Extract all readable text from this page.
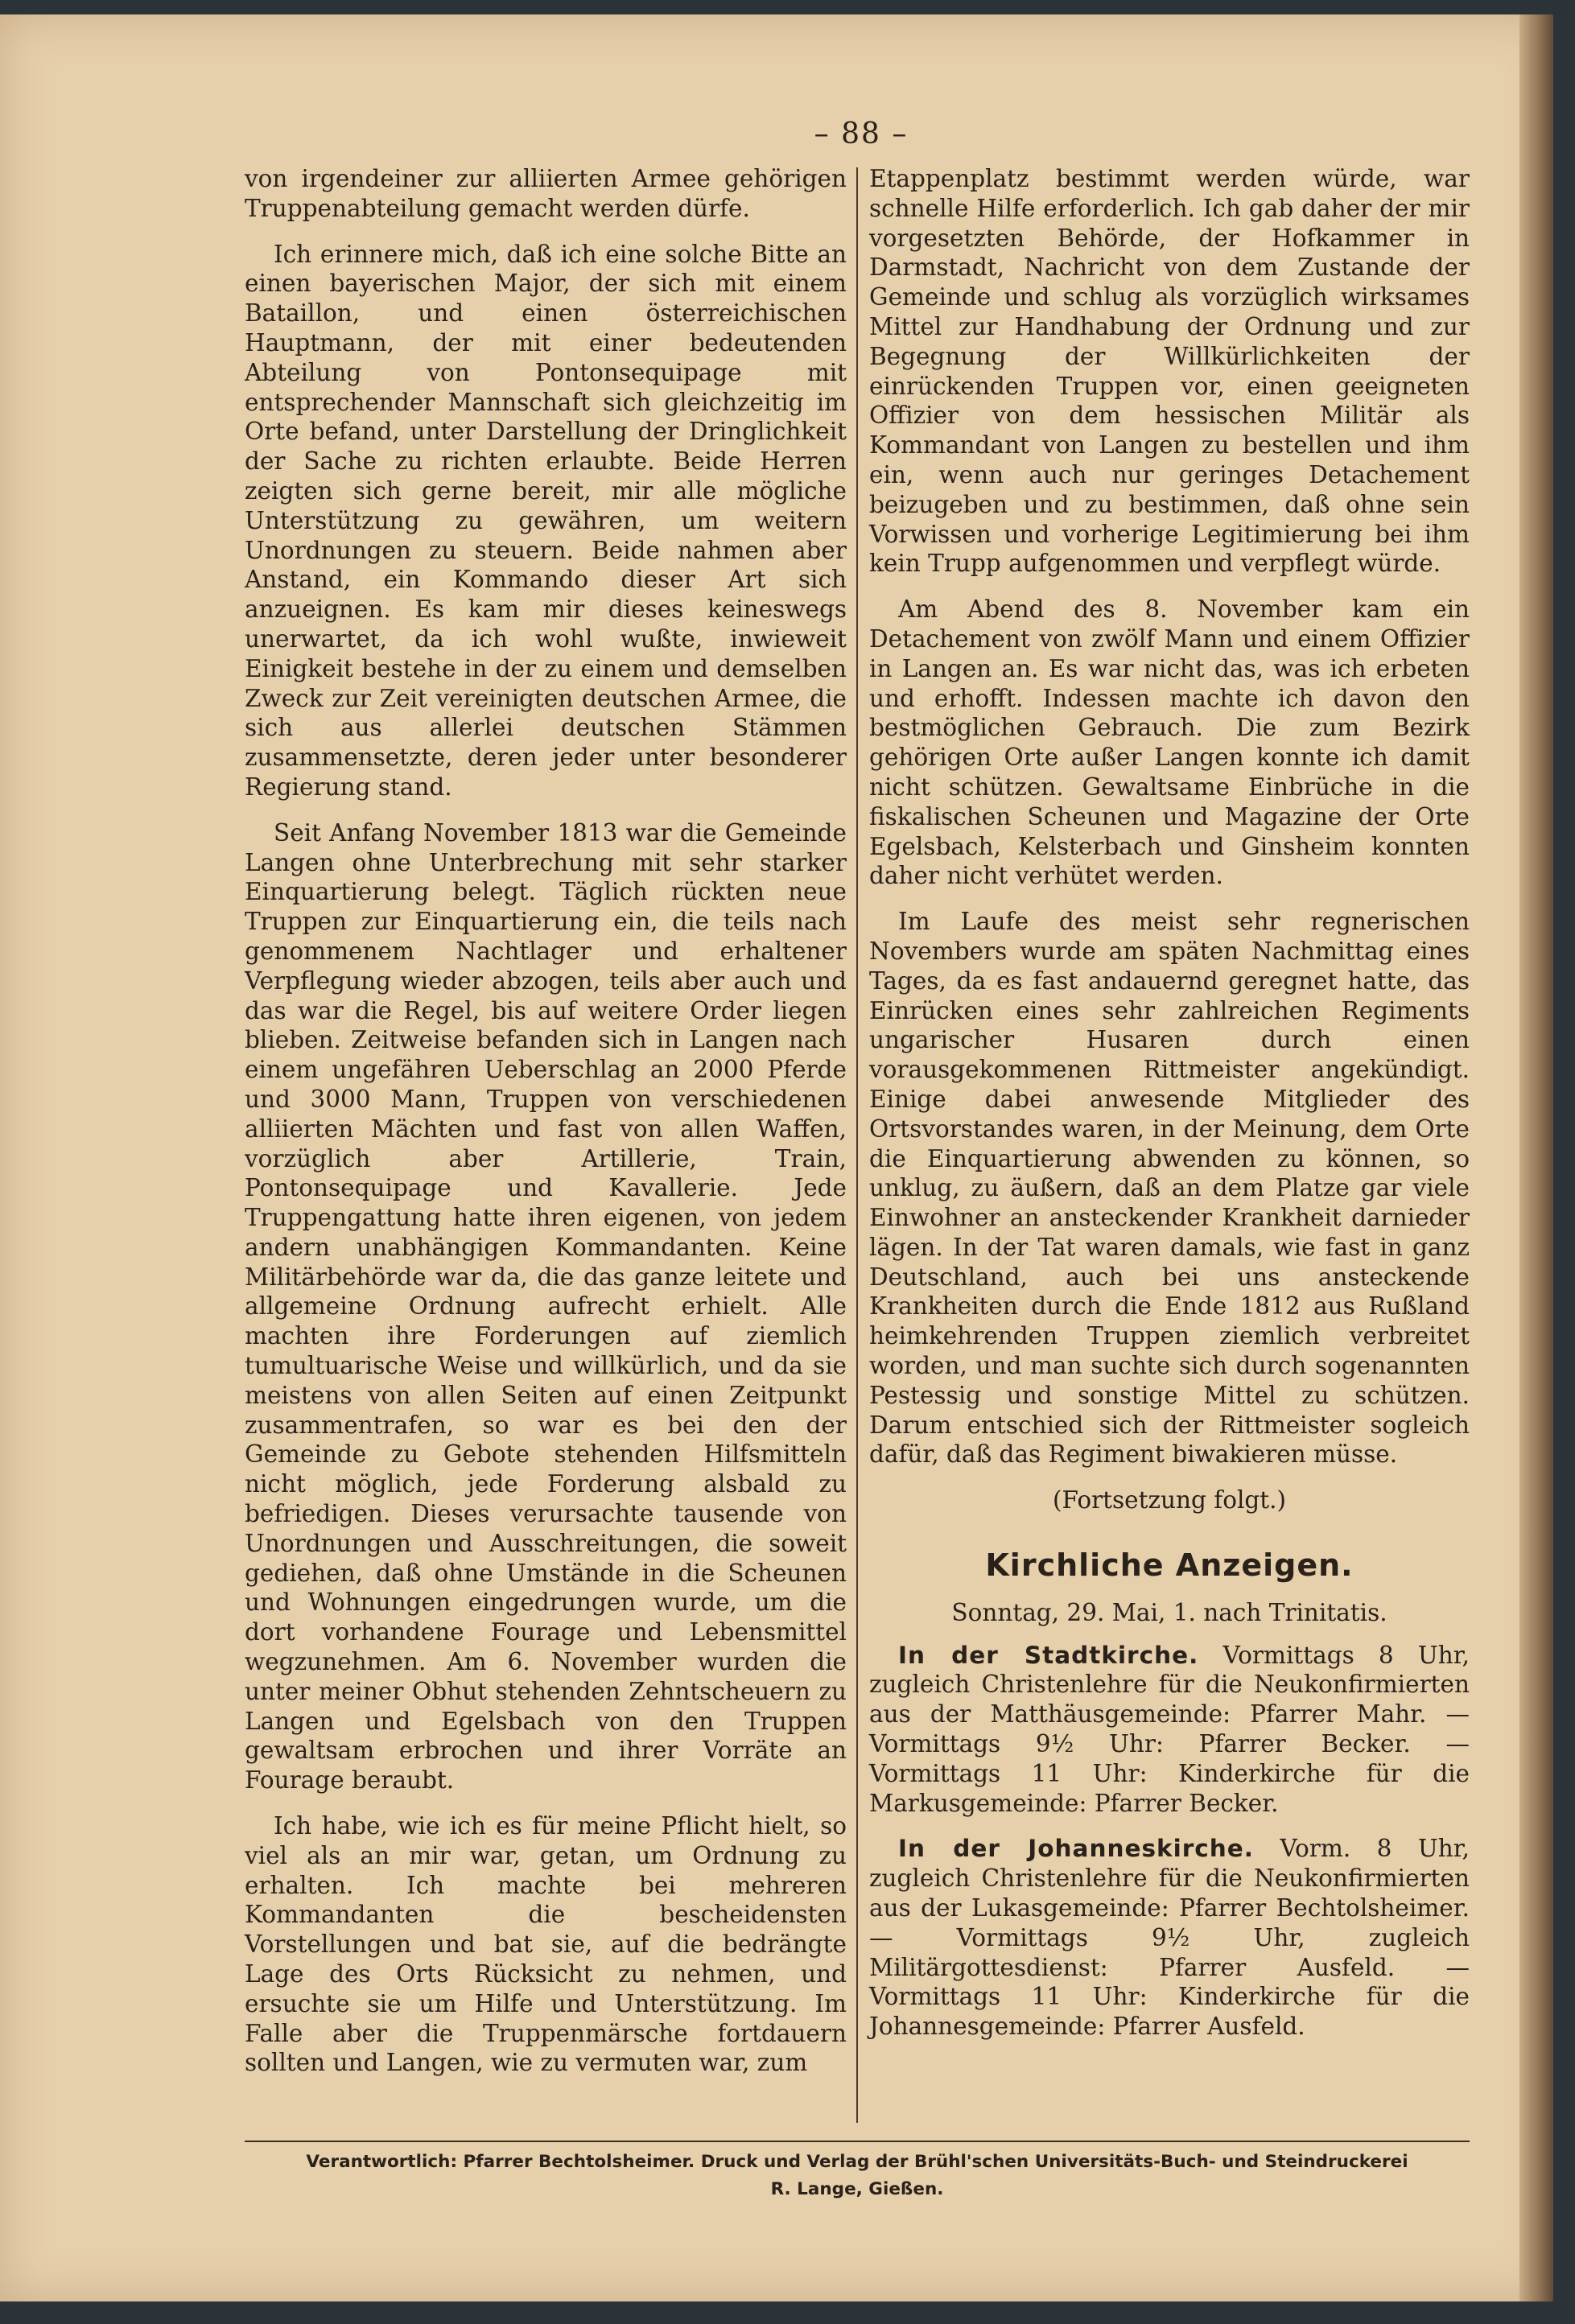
– 88 –

von irgendeiner zur alliierten Armee gehörigen Truppenabteilung gemacht werden dürfe.

Ich erinnere mich, daß ich eine solche Bitte an einen bayerischen Major, der sich mit einem Bataillon, und einen österreichischen Hauptmann, der mit einer bedeutenden Abteilung von Pontonsequipage mit entsprechender Mannschaft sich gleichzeitig im Orte befand, unter Darstellung der Dringlichkeit der Sache zu richten erlaubte. Beide Herren zeigten sich gerne bereit, mir alle mögliche Unterstützung zu gewähren, um weitern Unordnungen zu steuern. Beide nahmen aber Anstand, ein Kommando dieser Art sich anzueignen. Es kam mir dieses keineswegs unerwartet, da ich wohl wußte, inwieweit Einigkeit bestehe in der zu einem und demselben Zweck zur Zeit vereinigten deutschen Armee, die sich aus allerlei deutschen Stämmen zusammensetzte, deren jeder unter besonderer Regierung stand.

Seit Anfang November 1813 war die Gemeinde Langen ohne Unterbrechung mit sehr starker Einquartierung belegt. Täglich rückten neue Truppen zur Einquartierung ein, die teils nach genommenem Nachtlager und erhaltener Verpflegung wieder abzogen, teils aber auch und das war die Regel, bis auf weitere Order liegen blieben. Zeitweise befanden sich in Langen nach einem ungefähren Ueberschlag an 2000 Pferde und 3000 Mann, Truppen von verschiedenen alliierten Mächten und fast von allen Waffen, vorzüglich aber Artillerie, Train, Pontonsequipage und Kavallerie. Jede Truppengattung hatte ihren eigenen, von jedem andern unabhängigen Kommandanten. Keine Militärbehörde war da, die das ganze leitete und allgemeine Ordnung aufrecht erhielt. Alle machten ihre Forderungen auf ziemlich tumultuarische Weise und willkürlich, und da sie meistens von allen Seiten auf einen Zeitpunkt zusammentrafen, so war es bei den der Gemeinde zu Gebote stehenden Hilfsmitteln nicht möglich, jede Forderung alsbald zu befriedigen. Dieses verursachte tausende von Unordnungen und Ausschreitungen, die soweit gediehen, daß ohne Umstände in die Scheunen und Wohnungen eingedrungen wurde, um die dort vorhandene Fourage und Lebensmittel wegzunehmen. Am 6. November wurden die unter meiner Obhut stehenden Zehntscheuern zu Langen und Egelsbach von den Truppen gewaltsam erbrochen und ihrer Vorräte an Fourage beraubt.

Ich habe, wie ich es für meine Pflicht hielt, so viel als an mir war, getan, um Ordnung zu erhalten. Ich machte bei mehreren Kommandanten die bescheidensten Vorstellungen und bat sie, auf die bedrängte Lage des Orts Rücksicht zu nehmen, und ersuchte sie um Hilfe und Unterstützung. Im Falle aber die Truppenmärsche fortdauern sollten und Langen, wie zu vermuten war, zum

Etappenplatz bestimmt werden würde, war schnelle Hilfe erforderlich. Ich gab daher der mir vorgesetzten Behörde, der Hofkammer in Darmstadt, Nachricht von dem Zustande der Gemeinde und schlug als vorzüglich wirksames Mittel zur Handhabung der Ordnung und zur Begegnung der Willkürlichkeiten der einrückenden Truppen vor, einen geeigneten Offizier von dem hessischen Militär als Kommandant von Langen zu bestellen und ihm ein, wenn auch nur geringes Detachement beizugeben und zu bestimmen, daß ohne sein Vorwissen und vorherige Legitimierung bei ihm kein Trupp aufgenommen und verpflegt würde.

Am Abend des 8. November kam ein Detachement von zwölf Mann und einem Offizier in Langen an. Es war nicht das, was ich erbeten und erhofft. Indessen machte ich davon den bestmöglichen Gebrauch. Die zum Bezirk gehörigen Orte außer Langen konnte ich damit nicht schützen. Gewaltsame Einbrüche in die fiskalischen Scheunen und Magazine der Orte Egelsbach, Kelsterbach und Ginsheim konnten daher nicht verhütet werden.

Im Laufe des meist sehr regnerischen Novembers wurde am späten Nachmittag eines Tages, da es fast andauernd geregnet hatte, das Einrücken eines sehr zahlreichen Regiments ungarischer Husaren durch einen vorausgekommenen Rittmeister angekündigt. Einige dabei anwesende Mitglieder des Ortsvorstandes waren, in der Meinung, dem Orte die Einquartierung abwenden zu können, so unklug, zu äußern, daß an dem Platze gar viele Einwohner an ansteckender Krankheit darnieder lägen. In der Tat waren damals, wie fast in ganz Deutschland, auch bei uns ansteckende Krankheiten durch die Ende 1812 aus Rußland heimkehrenden Truppen ziemlich verbreitet worden, und man suchte sich durch sogenannten Pestessig und sonstige Mittel zu schützen. Darum entschied sich der Rittmeister sogleich dafür, daß das Regiment biwakieren müsse.

(Fortsetzung folgt.)

Kirchliche Anzeigen.
Sonntag, 29. Mai, 1. nach Trinitatis.

In der Stadtkirche. Vormittags 8 Uhr, zugleich Christenlehre für die Neukonfirmierten aus der Matthäusgemeinde: Pfarrer Mahr. — Vormittags 9½ Uhr: Pfarrer Becker. — Vormittags 11 Uhr: Kinderkirche für die Markusgemeinde: Pfarrer Becker.

In der Johanneskirche. Vorm. 8 Uhr, zugleich Christenlehre für die Neukonfirmierten aus der Lukasgemeinde: Pfarrer Bechtolsheimer. — Vormittags 9½ Uhr, zugleich Militärgottesdienst: Pfarrer Ausfeld. — Vormittags 11 Uhr: Kinderkirche für die Johannesgemeinde: Pfarrer Ausfeld.

Verantwortlich: Pfarrer Bechtolsheimer. Druck und Verlag der Brühl'schen Universitäts-Buch- und Steindruckerei
R. Lange, Gießen.
